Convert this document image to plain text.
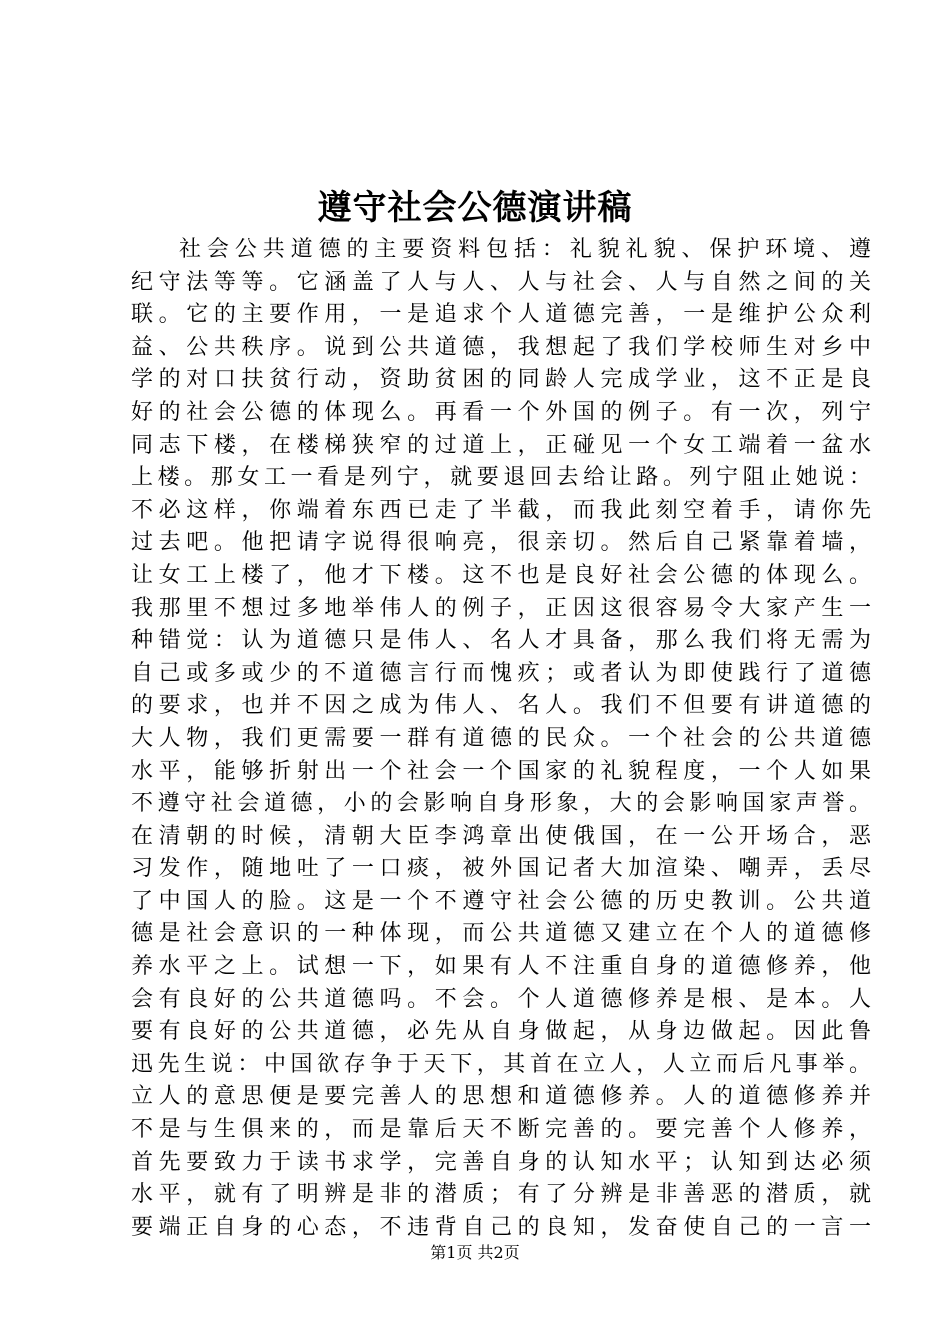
遵守社会公德演讲稿
社会公共道德的主要资料包括：礼貌礼貌、保护环境、遵
纪守法等等。它涵盖了人与人、人与社会、人与自然之间的关
联。它的主要作用，一是追求个人道德完善，一是维护公众利
益、公共秩序。说到公共道德，我想起了我们学校师生对乡中
学的对口扶贫行动，资助贫困的同龄人完成学业，这不正是良
好的社会公德的体现么。再看一个外国的例子。有一次，列宁
同志下楼，在楼梯狭窄的过道上，正碰见一个女工端着一盆水
上楼。那女工一看是列宁，就要退回去给让路。列宁阻止她说：
不必这样，你端着东西已走了半截，而我此刻空着手，请你先
过去吧。他把请字说得很响亮，很亲切。然后自己紧靠着墙，
让女工上楼了，他才下楼。这不也是良好社会公德的体现么。
我那里不想过多地举伟人的例子，正因这很容易令大家产生一
种错觉：认为道德只是伟人、名人才具备，那么我们将无需为
自己或多或少的不道德言行而愧疚；或者认为即使践行了道德
的要求，也并不因之成为伟人、名人。我们不但要有讲道德的
大人物，我们更需要一群有道德的民众。一个社会的公共道德
水平，能够折射出一个社会一个国家的礼貌程度，一个人如果
不遵守社会道德，小的会影响自身形象，大的会影响国家声誉。
在清朝的时候，清朝大臣李鸿章出使俄国，在一公开场合，恶
习发作，随地吐了一口痰，被外国记者大加渲染、嘲弄，丢尽
了中国人的脸。这是一个不遵守社会公德的历史教训。公共道
德是社会意识的一种体现，而公共道德又建立在个人的道德修
养水平之上。试想一下，如果有人不注重自身的道德修养，他
会有良好的公共道德吗。不会。个人道德修养是根、是本。人
要有良好的公共道德，必先从自身做起，从身边做起。因此鲁
迅先生说：中国欲存争于天下，其首在立人，人立而后凡事举。
立人的意思便是要完善人的思想和道德修养。人的道德修养并
不是与生俱来的，而是靠后天不断完善的。要完善个人修养，
首先要致力于读书求学，完善自身的认知水平；认知到达必须
水平，就有了明辨是非的潜质；有了分辨是非善恶的潜质，就
要端正自身的心态，不违背自己的良知，发奋使自己的一言一
第1页 共2页
